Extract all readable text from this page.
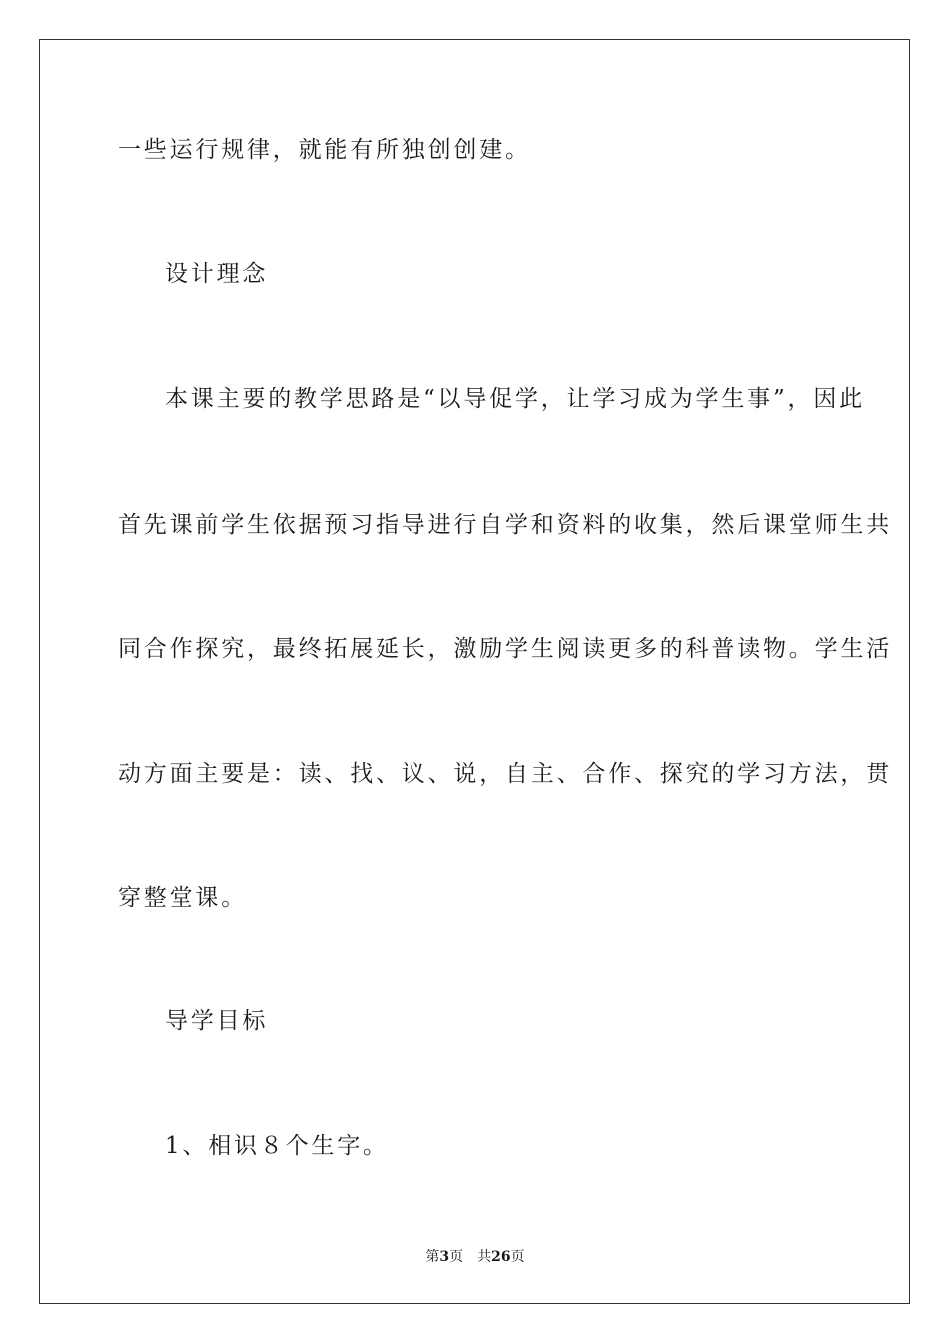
一些运行规律，就能有所独创创建。
设计理念
本课主要的教学思路是“以导促学，让学习成为学生事”，因此
首先课前学生依据预习指导进行自学和资料的收集，然后课堂师生共
同合作探究，最终拓展延长，激励学生阅读更多的科普读物。学生活
动方面主要是：读、找、议、说，自主、合作、探究的学习方法，贯
穿整堂课。
导学目标
1、相识８个生字。
第3页 共26页
